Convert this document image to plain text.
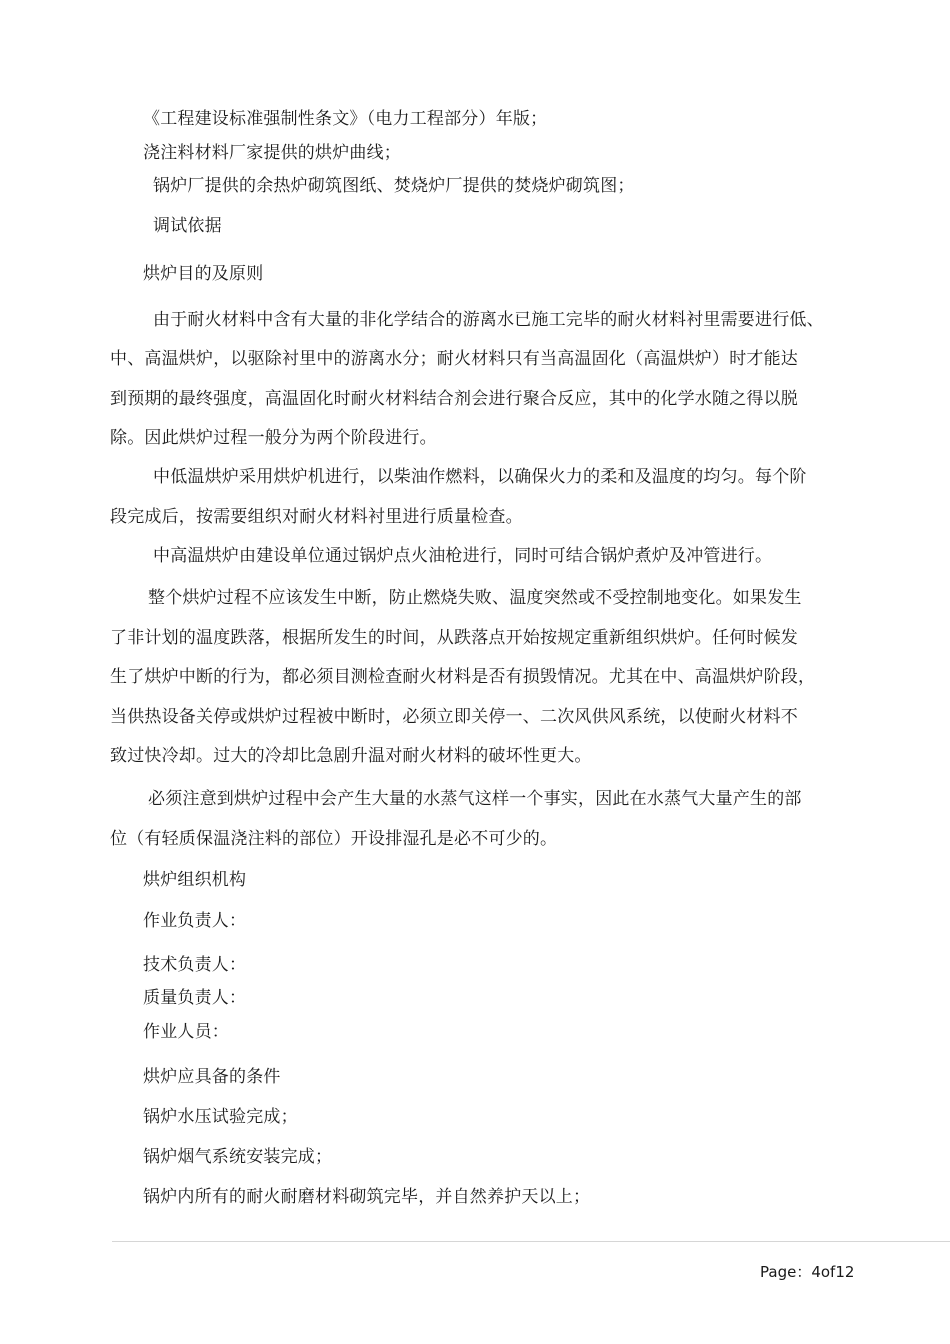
《工程建设标准强制性条文》（电力工程部分）年版；
浇注料材料厂家提供的烘炉曲线；
锅炉厂提供的余热炉砌筑图纸、焚烧炉厂提供的焚烧炉砌筑图；
调试依据
烘炉目的及原则
由于耐火材料中含有大量的非化学结合的游离水已施工完毕的耐火材料衬里需要进行低、
中、高温烘炉，以驱除衬里中的游离水分；耐火材料只有当高温固化（高温烘炉）时才能达
到预期的最终强度，高温固化时耐火材料结合剂会进行聚合反应，其中的化学水随之得以脱
除。因此烘炉过程一般分为两个阶段进行。
中低温烘炉采用烘炉机进行，以柴油作燃料，以确保火力的柔和及温度的均匀。每个阶
段完成后，按需要组织对耐火材料衬里进行质量检查。
中高温烘炉由建设单位通过锅炉点火油枪进行，同时可结合锅炉煮炉及冲管进行。
整个烘炉过程不应该发生中断，防止燃烧失败、温度突然或不受控制地变化。如果发生
了非计划的温度跌落，根据所发生的时间，从跌落点开始按规定重新组织烘炉。任何时候发
生了烘炉中断的行为，都必须目测检查耐火材料是否有损毁情况。尤其在中、高温烘炉阶段，
当供热设备关停或烘炉过程被中断时，必须立即关停一、二次风供风系统，以使耐火材料不
致过快冷却。过大的冷却比急剧升温对耐火材料的破坏性更大。
必须注意到烘炉过程中会产生大量的水蒸气这样一个事实，因此在水蒸气大量产生的部
位（有轻质保温浇注料的部位）开设排湿孔是必不可少的。
烘炉组织机构
作业负责人：
技术负责人：
质量负责人：
作业人员：
烘炉应具备的条件
锅炉水压试验完成；
锅炉烟气系统安装完成；
锅炉内所有的耐火耐磨材料砌筑完毕，并自然养护天以上；
Page：4of12
